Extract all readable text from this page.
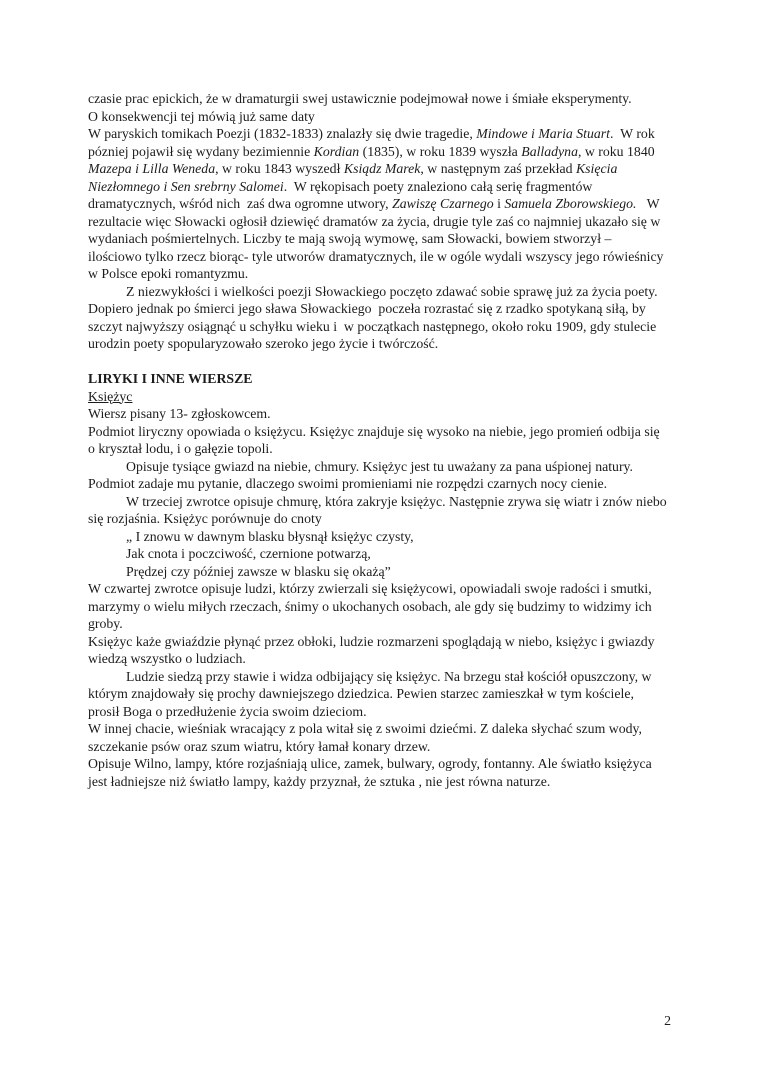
czasie prac epickich, że w dramaturgii swej ustawicznie podejmował nowe i śmiałe eksperymenty.

O konsekwencji tej mówią już same daty

W paryskich tomikach Poezji (1832-1833) znalazły się dwie tragedie, Mindowe i Maria Stuart.  W rok pózniej pojawił się wydany bezimiennie Kordian (1835), w roku 1839 wyszła Balladyna, w roku 1840  Mazepa i Lilla Weneda, w roku 1843 wyszedł Ksiądz Marek, w następnym zaś przekład Księcia Niezłomnego i Sen srebrny Salomei.  W rękopisach poety znaleziono całą serię fragmentów dramatycznych, wśród nich  zaś dwa ogromne utwory, Zawiszę Czarnego i Samuela Zborowskiego.   W rezultacie więc Słowacki ogłosił dziewięć dramatów za życia, drugie tyle zaś co najmniej ukazało się w wydaniach pośmiertelnych. Liczby te mają swoją wymowę, sam Słowacki, bowiem stworzył – ilościowo tylko rzecz biorąc- tyle utworów dramatycznych, ile w ogóle wydali wszyscy jego rówieśnicy w Polsce epoki romantyzmu.

Z niezwykłości i wielkości poezji Słowackiego poczęto zdawać sobie sprawę już za życia poety. Dopiero jednak po śmierci jego sława Słowackiego  poczeła rozrastać się z rzadko spotykaną siłą, by szczyt najwyższy osiągnąć u schyłku wieku i  w początkach następnego, około roku 1909, gdy stulecie urodzin poety spopularyzowało szeroko jego życie i twórczość.

LIRYKI I INNE WIERSZE

Księżyc

Wiersz pisany 13- zgłoskowcem.

Podmiot liryczny opowiada o księżycu. Księżyc znajduje się wysoko na niebie, jego promień odbija się o kryształ lodu, i o gałęzie topoli.

Opisuje tysiące gwiazd na niebie, chmury. Księżyc jest tu uważany za pana uśpionej natury. Podmiot zadaje mu pytanie, dlaczego swoimi promieniami nie rozpędzi czarnych nocy cienie.

W trzeciej zwrotce opisuje chmurę, która zakryje księżyc. Następnie zrywa się wiatr i znów niebo się rozjaśnia. Księżyc porównuje do cnoty

„ I znowu w dawnym blasku błysnął księżyc czysty,

Jak cnota i poczciwość, czernione potwarzą,

Prędzej czy później zawsze w blasku się okażą”

W czwartej zwrotce opisuje ludzi, którzy zwierzali się księżycowi, opowiadali swoje radości i smutki, marzymy o wielu miłych rzeczach, śnimy o ukochanych osobach, ale gdy się budzimy to widzimy ich groby.

Księżyc każe gwiaździe płynąć przez obłoki, ludzie rozmarzeni spoglądają w niebo, księżyc i gwiazdy wiedzą wszystko o ludziach.

Ludzie siedzą przy stawie i widza odbijający się księżyc. Na brzegu stał kościół opuszczony, w którym znajdowały się prochy dawniejszego dziedzica. Pewien starzec zamieszkał w tym kościele, prosił Boga o przedłużenie życia swoim dzieciom.

W innej chacie, wieśniak wracający z pola witał się z swoimi dziećmi. Z daleka słychać szum wody,  szczekanie psów oraz szum wiatru, który łamał konary drzew.

Opisuje Wilno, lampy, które rozjaśniają ulice, zamek, bulwary, ogrody, fontanny. Ale światło księżyca jest ładniejsze niż światło lampy, każdy przyznał, że sztuka , nie jest równa naturze.

2
